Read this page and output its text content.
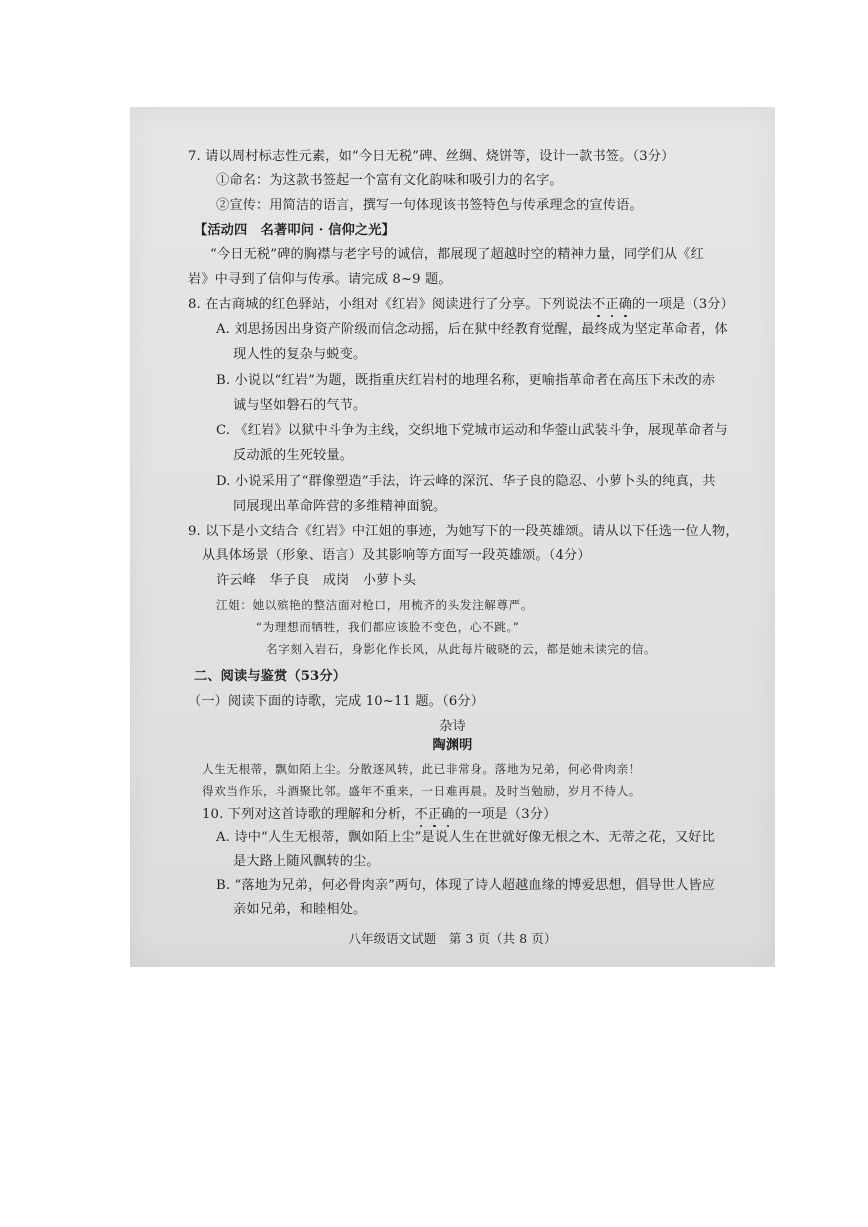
7. 请以周村标志性元素，如“今日无税”碑、丝绸、烧饼等，设计一款书签。（3分）
①命名：为这款书签起一个富有文化韵味和吸引力的名字。
②宣传：用简洁的语言，撰写一句体现该书签特色与传承理念的宣传语。
【活动四　名著叩问 · 信仰之光】
“今日无税”碑的胸襟与老字号的诚信，都展现了超越时空的精神力量，同学们从《红
岩》中寻到了信仰与传承。请完成 8~9 题。
8. 在古商城的红色驿站，小组对《红岩》阅读进行了分享。下列说法不正确的一项是（3分）
A. 刘思扬因出身资产阶级而信念动摇，后在狱中经教育觉醒，最终成为坚定革命者，体
现人性的复杂与蜕变。
B. 小说以“红岩”为题，既指重庆红岩村的地理名称，更喻指革命者在高压下未改的赤
诚与坚如磐石的气节。
C. 《红岩》以狱中斗争为主线，交织地下党城市运动和华蓥山武装斗争，展现革命者与
反动派的生死较量。
D. 小说采用了“群像塑造”手法，许云峰的深沉、华子良的隐忍、小萝卜头的纯真，共
同展现出革命阵营的多维精神面貌。
9. 以下是小文结合《红岩》中江姐的事迹，为她写下的一段英雄颂。请从以下任选一位人物，
从具体场景（形象、语言）及其影响等方面写一段英雄颂。（4分）
许云峰　华子良　成岗　小萝卜头
江姐：她以殡艳的整洁面对枪口，用梳齐的头发注解尊严。
“为理想而牺牲，我们都应该脸不变色，心不跳。”
名字刻入岩石，身影化作长风，从此每片破晓的云，都是她未读完的信。
二、阅读与鉴赏（53分）
（一）阅读下面的诗歌，完成 10~11 题。（6分）
杂诗
陶渊明
人生无根蒂，飘如陌上尘。分散逐风转，此已非常身。落地为兄弟，何必骨肉亲！
得欢当作乐，斗酒聚比邻。盛年不重来，一日难再晨。及时当勉励，岁月不待人。
10. 下列对这首诗歌的理解和分析，不正确的一项是（3分）
A. 诗中“人生无根蒂，飘如陌上尘”是说人生在世就好像无根之木、无蒂之花，又好比
是大路上随风飘转的尘。
B. “落地为兄弟，何必骨肉亲”两句，体现了诗人超越血缘的博爱思想，倡导世人皆应
亲如兄弟，和睦相处。
八年级语文试题　第 3 页（共 8 页）
